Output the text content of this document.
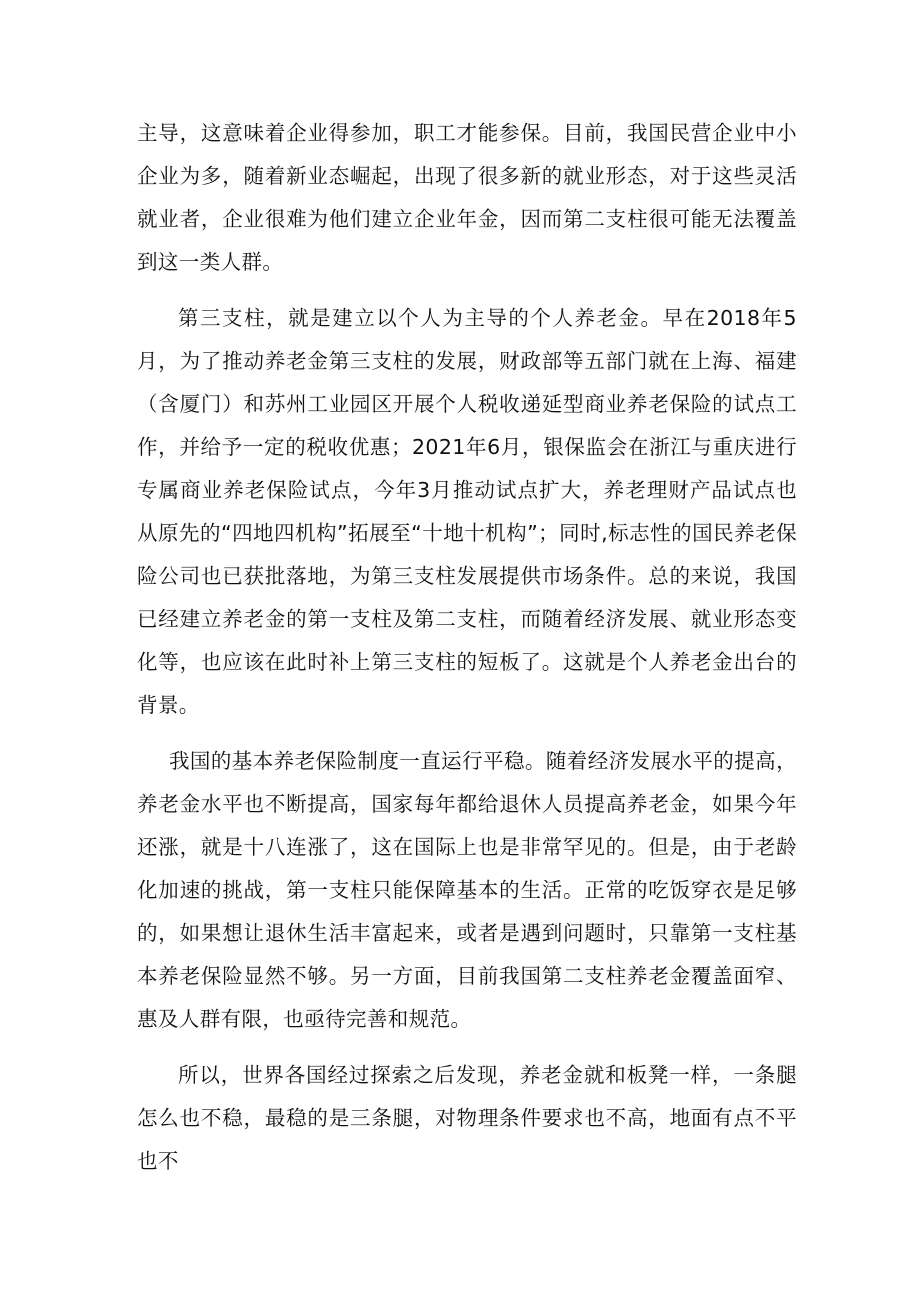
主导，这意味着企业得参加，职工才能参保。目前，我国民营企业中小企业为多，随着新业态崛起，出现了很多新的就业形态，对于这些灵活就业者，企业很难为他们建立企业年金，因而第二支柱很可能无法覆盖到这一类人群。

第三支柱，就是建立以个人为主导的个人养老金。早在2018年5月，为了推动养老金第三支柱的发展，财政部等五部门就在上海、福建（含厦门）和苏州工业园区开展个人税收递延型商业养老保险的试点工作，并给予一定的税收优惠；2021年6月，银保监会在浙江与重庆进行专属商业养老保险试点，今年3月推动试点扩大，养老理财产品试点也从原先的“四地四机构”拓展至“十地十机构”；同时,标志性的国民养老保险公司也已获批落地，为第三支柱发展提供市场条件。总的来说，我国已经建立养老金的第一支柱及第二支柱，而随着经济发展、就业形态变化等，也应该在此时补上第三支柱的短板了。这就是个人养老金出台的背景。

我国的基本养老保险制度一直运行平稳。随着经济发展水平的提高，养老金水平也不断提高，国家每年都给退休人员提高养老金，如果今年还涨，就是十八连涨了，这在国际上也是非常罕见的。但是，由于老龄化加速的挑战，第一支柱只能保障基本的生活。正常的吃饭穿衣是足够的，如果想让退休生活丰富起来，或者是遇到问题时，只靠第一支柱基本养老保险显然不够。另一方面，目前我国第二支柱养老金覆盖面窄、惠及人群有限，也亟待完善和规范。

所以，世界各国经过探索之后发现，养老金就和板凳一样，一条腿怎么也不稳，最稳的是三条腿，对物理条件要求也不高，地面有点不平也不
